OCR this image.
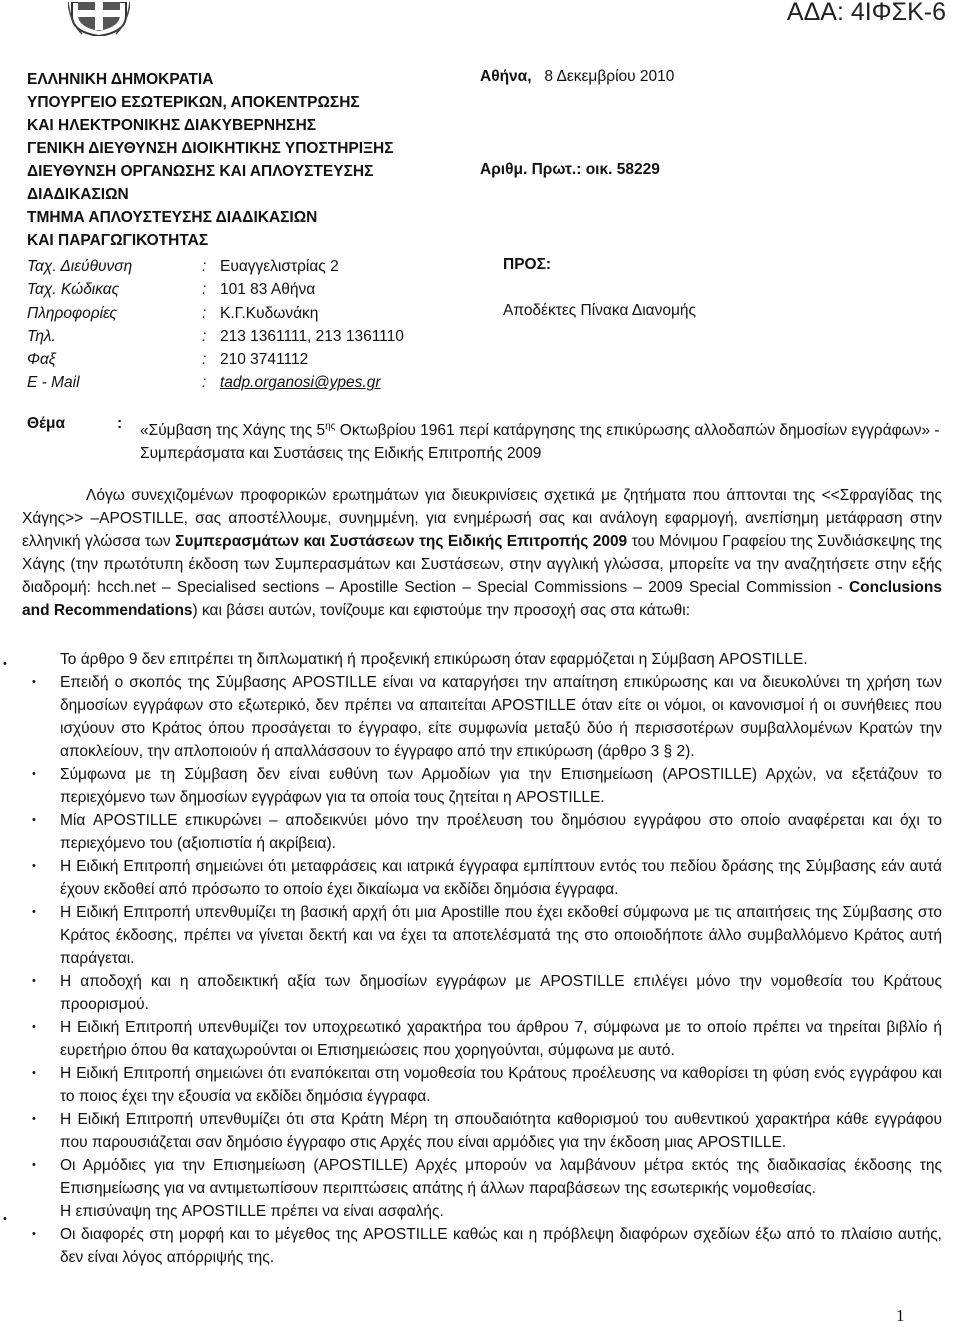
ΑΔΑ: 4ΙΦΣΚ-6
ΕΛΛΗΝΙΚΗ ΔΗΜΟΚΡΑΤΙΑ
ΥΠΟΥΡΓΕΙΟ ΕΣΩΤΕΡΙΚΩΝ, ΑΠΟΚΕΝΤΡΩΣΗΣ
ΚΑΙ ΗΛΕΚΤΡΟΝΙΚΗΣ ΔΙΑΚΥΒΕΡΝΗΣΗΣ
ΓΕΝΙΚΗ ΔΙΕΥΘΥΝΣΗ ΔΙΟΙΚΗΤΙΚΗΣ ΥΠΟΣΤΗΡΙΞΗΣ
ΔΙΕΥΘΥΝΣΗ ΟΡΓΑΝΩΣΗΣ ΚΑΙ ΑΠΛΟΥΣΤΕΥΣΗΣ
ΔΙΑΔΙΚΑΣΙΩΝ
ΤΜΗΜΑ ΑΠΛΟΥΣΤΕΥΣΗΣ ΔΙΑΔΙΚΑΣΙΩΝ
ΚΑΙ ΠΑΡΑΓΩΓΙΚΟΤΗΤΑΣ
Ταχ. Διεύθυνση	: Ευαγγελιστρίας 2
Ταχ. Κώδικας	: 101 83 Αθήνα
Πληροφορίες	: Κ.Γ.Κυδωνάκη
Τηλ.	: 213 1361111, 213 1361110
Φαξ	: 210 3741112
E - Mail	: tadp.organosi@ypes.gr
Αθήνα, 8 Δεκεμβρίου 2010
Αριθμ. Πρωτ.: οικ. 58229
ΠΡΟΣ:
Αποδέκτες Πίνακα Διανομής
Θέμα	: «Σύμβαση της Χάγης της $5^{\eta\varsigma}$ Οκτωβρίου 1961 περί κατάργησης της επικύρωσης αλλοδαπών δημοσίων εγγράφων» - Συμπεράσματα και Συστάσεις της Ειδικής Επιτροπής 2009
Λόγω συνεχιζομένων προφορικών ερωτημάτων για διευκρινίσεις σχετικά με ζητήματα που άπτονται της <<Σφραγίδας της Χάγης>> –APOSTILLE, σας αποστέλλουμε, συνημμένη, για ενημέρωσή σας και ανάλογη εφαρμογή, ανεπίσημη μετάφραση στην ελληνική γλώσσα των Συμπερασμάτων και Συστάσεων της Ειδικής Επιτροπής 2009 του Μόνιμου Γραφείου της Συνδιάσκεψης της Χάγης (την πρωτότυπη έκδοση των Συμπερασμάτων και Συστάσεων, στην αγγλική γλώσσα, μπορείτε να την αναζητήσετε στην εξής διαδρομή: hcch.net – Specialised sections – Apostille Section – Special Commissions – 2009 Special Commission - Conclusions and Recommendations) και βάσει αυτών, τονίζουμε και εφιστούμε την προσοχή σας στα κάτωθι:
• Το άρθρο 9 δεν επιτρέπει τη διπλωματική ή προξενική επικύρωση όταν εφαρμόζεται η Σύμβαση APOSTILLE.
• Επειδή ο σκοπός της Σύμβασης APOSTILLE είναι να καταργήσει την απαίτηση επικύρωσης και να διευκολύνει τη χρήση των δημοσίων εγγράφων στο εξωτερικό, δεν πρέπει να απαιτείται APOSTILLE όταν είτε οι νόμοι, οι κανονισμοί ή οι συνήθειες που ισχύουν στο Κράτος όπου προσάγεται το έγγραφο, είτε συμφωνία μεταξύ δύο ή περισσοτέρων συμβαλλομένων Κρατών την αποκλείουν, την απλοποιούν ή απαλλάσσουν το έγγραφο από την επικύρωση (άρθρο 3 § 2).
• Σύμφωνα με τη Σύμβαση δεν είναι ευθύνη των Αρμοδίων για την Επισημείωση (APOSTILLE) Αρχών, να εξετάζουν το περιεχόμενο των δημοσίων εγγράφων για τα οποία τους ζητείται η APOSTILLE.
• Μία APOSTILLE επικυρώνει – αποδεικνύει μόνο την προέλευση του δημόσιου εγγράφου στο οποίο αναφέρεται και όχι το περιεχόμενο του (αξιοπιστία ή ακρίβεια).
• Η Ειδική Επιτροπή σημειώνει ότι μεταφράσεις και ιατρικά έγγραφα εμπίπτουν εντός του πεδίου δράσης της Σύμβασης εάν αυτά έχουν εκδοθεί από πρόσωπο το οποίο έχει δικαίωμα να εκδίδει δημόσια έγγραφα.
• Η Ειδική Επιτροπή υπενθυμίζει τη βασική αρχή ότι μια Apostille που έχει εκδοθεί σύμφωνα με τις απαιτήσεις της Σύμβασης στο Κράτος έκδοσης, πρέπει να γίνεται δεκτή και να έχει τα αποτελέσματά της στο οποιοδήποτε άλλο συμβαλλόμενο Κράτος αυτή παράγεται.
• Η αποδοχή και η αποδεικτική αξία των δημοσίων εγγράφων με APOSTILLE επιλέγει μόνο την νομοθεσία του Κράτους προορισμού.
• Η Ειδική Επιτροπή υπενθυμίζει τον υποχρεωτικό χαρακτήρα του άρθρου 7, σύμφωνα με το οποίο πρέπει να τηρείται βιβλίο ή ευρετήριο όπου θα καταχωρούνται οι Επισημειώσεις που χορηγούνται, σύμφωνα με αυτό.
• Η Ειδική Επιτροπή σημειώνει ότι εναπόκειται στη νομοθεσία του Κράτους προέλευσης να καθορίσει τη φύση ενός εγγράφου και το ποιος έχει την εξουσία να εκδίδει δημόσια έγγραφα.
• Η Ειδική Επιτροπή υπενθυμίζει ότι στα Κράτη Μέρη τη σπουδαιότητα καθορισμού του αυθεντικού χαρακτήρα κάθε εγγράφου που παρουσιάζεται σαν δημόσιο έγγραφο στις Αρχές που είναι αρμόδιες για την έκδοση μιας APOSTILLE.
• Οι Αρμόδιες για την Επισημείωση (APOSTILLE) Αρχές μπορούν να λαμβάνουν μέτρα εκτός της διαδικασίας έκδοσης της Επισημείωσης για να αντιμετωπίσουν περιπτώσεις απάτης ή άλλων παραβάσεων της εσωτερικής νομοθεσίας.
• Η επισύναψη της APOSTILLE πρέπει να είναι ασφαλής.
• Οι διαφορές στη μορφή και το μέγεθος της APOSTILLE καθώς και η πρόβλεψη διαφόρων σχεδίων έξω από το πλαίσιο αυτής, δεν είναι λόγος απόρριψής της.
1
